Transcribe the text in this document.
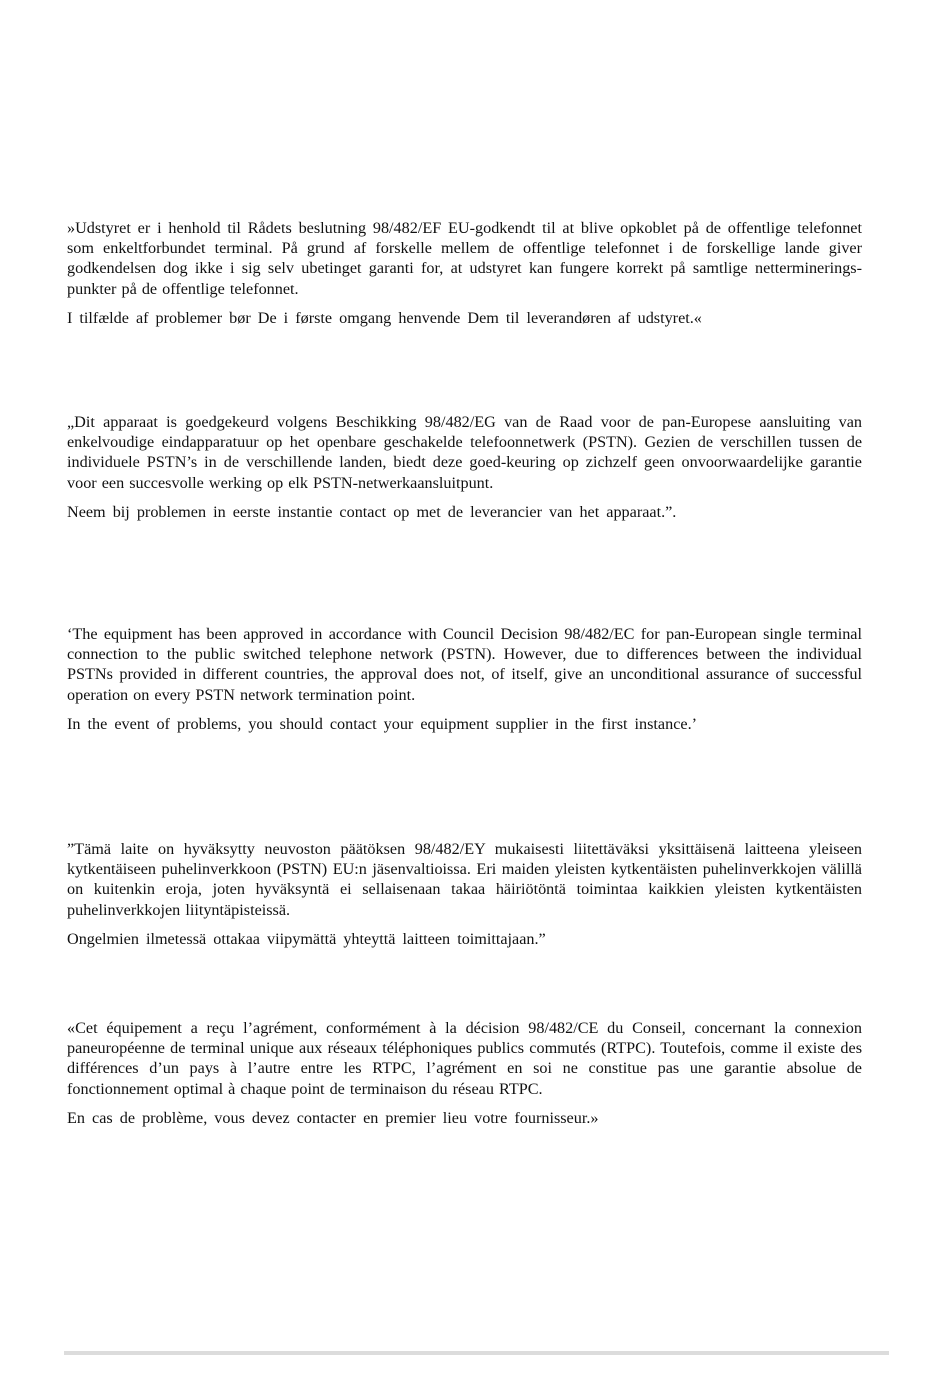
»Udstyret er i henhold til Rådets beslutning 98/482/EF EU-godkendt til at blive opkoblet på de offentlige telefonnet som enkeltforbundet terminal. På grund af forskelle mellem de offentlige telefonnet i de forskellige lande giver godkendelsen dog ikke i sig selv ubetinget garanti for, at udstyret kan fungere korrekt på samtlige nettermineringspunkter på de offentlige telefonnet.

I tilfælde af problemer bør De i første omgang henvende Dem til leverandøren af udstyret.«

„Dit apparaat is goedgekeurd volgens Beschikking 98/482/EG van de Raad voor de pan-Europese aansluiting van enkelvoudige eindapparatuur op het openbare geschakelde telefoonnetwerk (PSTN). Gezien de verschillen tussen de individuele PSTN’s in de verschillende landen, biedt deze goed-keuring op zichzelf geen onvoorwaardelijke garantie voor een succesvolle werking op elk PSTN-netwerkaansluitpunt.

Neem bij problemen in eerste instantie contact op met de leverancier van het apparaat.”.

‘The equipment has been approved in accordance with Council Decision 98/482/EC for pan-European single terminal connection to the public switched telephone network (PSTN). However, due to differences between the individual PSTNs provided in different countries, the approval does not, of itself, give an unconditional assurance of successful operation on every PSTN network termination point.

In the event of problems, you should contact your equipment supplier in the first instance.’

”Tämä laite on hyväksytty neuvoston päätöksen 98/482/EY mukaisesti liitettäväksi yksittäisenä laitteena yleiseen kytkentäiseen puhelinverkkoon (PSTN) EU:n jäsenvaltioissa. Eri maiden yleisten kytkentäisten puhelinverkkojen välillä on kuitenkin eroja, joten hyväksyntä ei sellaisenaan takaa häiriötöntä toimintaa kaikkien yleisten kytkentäisten puhelinverkkojen liityntäpisteissä.

Ongelmien ilmetessä ottakaa viipymättä yhteyttä laitteen toimittajaan.”

«Cet équipement a reçu l’agrément, conformément à la décision 98/482/CE du Conseil, concernant la connexion paneuropéenne de terminal unique aux réseaux téléphoniques publics commutés (RTPC). Toutefois, comme il existe des différences d’un pays à l’autre entre les RTPC, l’agrément en soi ne constitue pas une garantie absolue de fonctionnement optimal à chaque point de terminaison du réseau RTPC.

En cas de problème, vous devez contacter en premier lieu votre fournisseur.»
